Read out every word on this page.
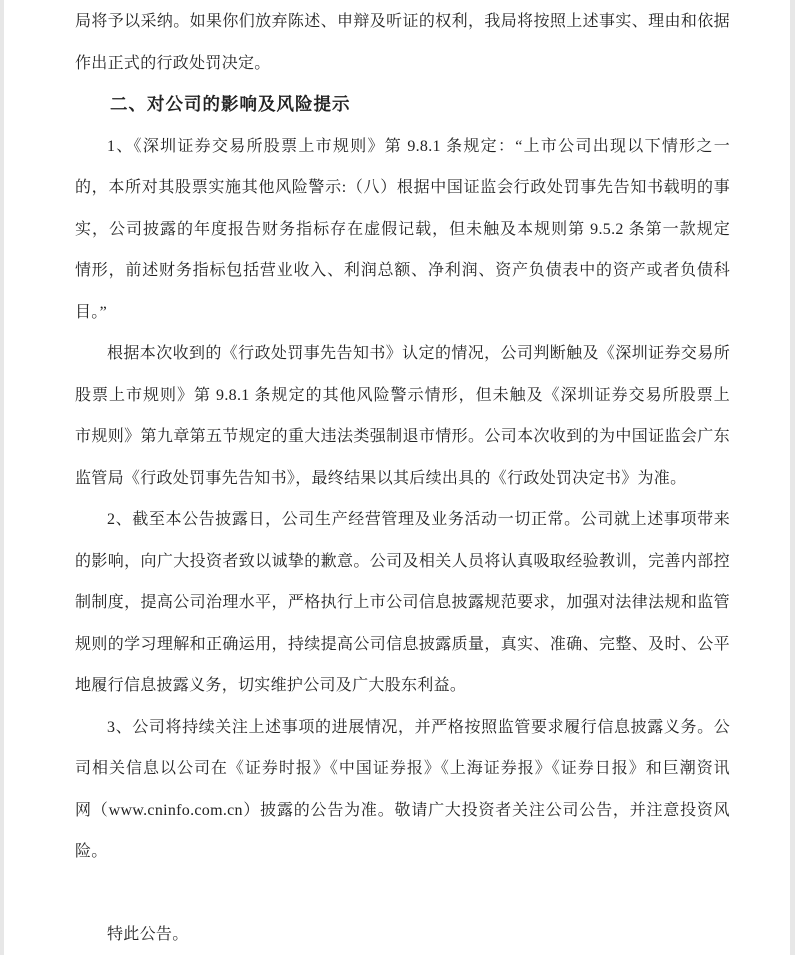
局将予以采纳。如果你们放弃陈述、申辩及听证的权利，我局将按照上述事实、理由和依据
作出正式的行政处罚决定。
二、对公司的影响及风险提示
1、《深圳证券交易所股票上市规则》第 9.8.1 条规定：“上市公司出现以下情形之一
的，本所对其股票实施其他风险警示:（八）根据中国证监会行政处罚事先告知书载明的事
实，公司披露的年度报告财务指标存在虚假记载，但未触及本规则第 9.5.2 条第一款规定
情形，前述财务指标包括营业收入、利润总额、净利润、资产负债表中的资产或者负债科
目。”
根据本次收到的《行政处罚事先告知书》认定的情况，公司判断触及《深圳证券交易所
股票上市规则》第 9.8.1 条规定的其他风险警示情形，但未触及《深圳证券交易所股票上
市规则》第九章第五节规定的重大违法类强制退市情形。公司本次收到的为中国证监会广东
监管局《行政处罚事先告知书》，最终结果以其后续出具的《行政处罚决定书》为准。
2、截至本公告披露日，公司生产经营管理及业务活动一切正常。公司就上述事项带来
的影响，向广大投资者致以诚挚的歉意。公司及相关人员将认真吸取经验教训，完善内部控
制制度，提高公司治理水平，严格执行上市公司信息披露规范要求，加强对法律法规和监管
规则的学习理解和正确运用，持续提高公司信息披露质量，真实、准确、完整、及时、公平
地履行信息披露义务，切实维护公司及广大股东利益。
3、公司将持续关注上述事项的进展情况，并严格按照监管要求履行信息披露义务。公
司相关信息以公司在《证券时报》《中国证券报》《上海证券报》《证券日报》和巨潮资讯
网（www.cninfo.com.cn）披露的公告为准。敬请广大投资者关注公司公告，并注意投资风
险。
特此公告。
